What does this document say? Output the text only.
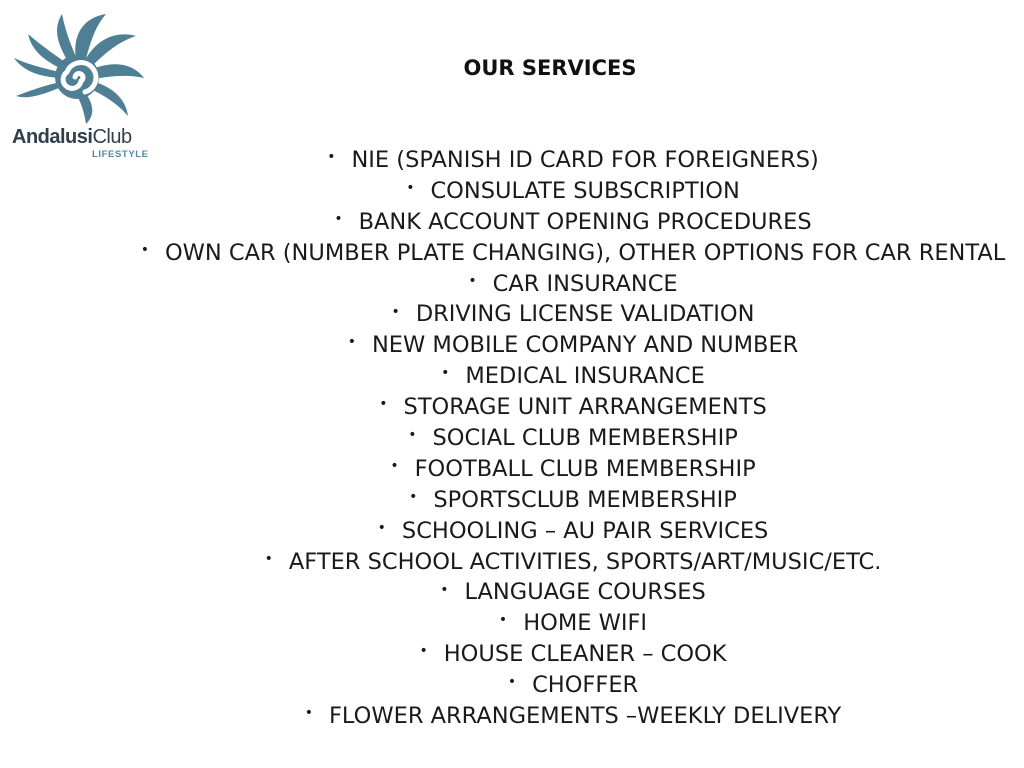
AndalusiClub
LIFESTYLE
OUR SERVICES
• NIE (SPANISH ID CARD FOR FOREIGNERS)
• CONSULATE SUBSCRIPTION
• BANK ACCOUNT OPENING PROCEDURES
• OWN CAR (NUMBER PLATE CHANGING), OTHER OPTIONS FOR CAR RENTAL
• CAR INSURANCE
• DRIVING LICENSE VALIDATION
• NEW MOBILE COMPANY AND NUMBER
• MEDICAL INSURANCE
• STORAGE UNIT ARRANGEMENTS
• SOCIAL CLUB MEMBERSHIP
• FOOTBALL CLUB MEMBERSHIP
• SPORTSCLUB MEMBERSHIP
• SCHOOLING – AU PAIR SERVICES
• AFTER SCHOOL ACTIVITIES, SPORTS/ART/MUSIC/ETC.
• LANGUAGE COURSES
• HOME WIFI
• HOUSE CLEANER – COOK
• CHOFFER
• FLOWER ARRANGEMENTS –WEEKLY DELIVERY
